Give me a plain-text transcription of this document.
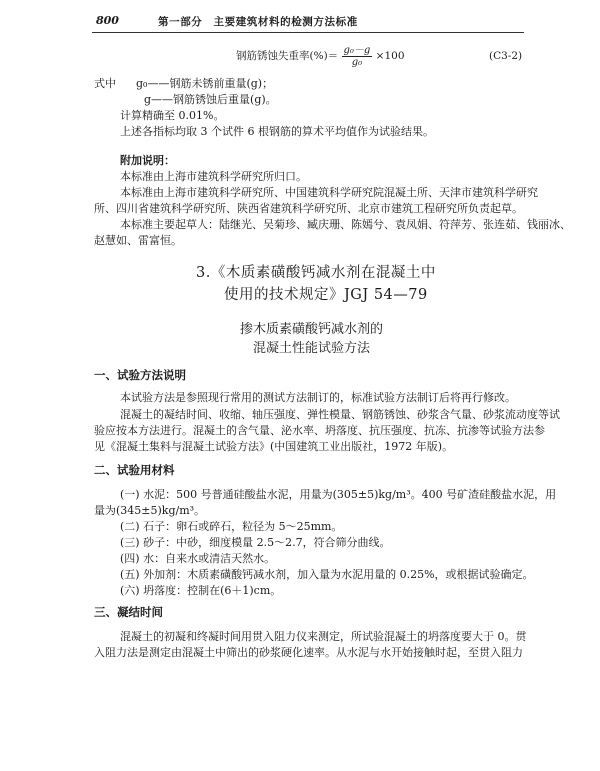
800	第一部分　主要建筑材料的检测方法标准
钢筋锈蚀失重率(%)＝ $\frac{\text{g₀－g}}{\text{g₀}} \times 100$	(C3-2)
式中 g₀——钢筋未锈前重量(g)；
g——钢筋锈蚀后重量(g)。
计算精确至 0.01%。
上述各指标均取 3 个试件 6 根钢筋的算术平均值作为试验结果。
附加说明：
本标准由上海市建筑科学研究所归口。
本标准由上海市建筑科学研究所、中国建筑科学研究院混凝土所、天津市建筑科学研究
所、四川省建筑科学研究所、陕西省建筑科学研究所、北京市建筑工程研究所负责起草。
本标准主要起草人：陆继光、吴菊珍、臧庆珊、陈嫣兮、袁凤娟、符萍芳、张连茹、钱丽冰、
赵慧如、雷富恒。
3.《木质素磺酸钙减水剂在混凝土中
使用的技术规定》JGJ 54—79
掺木质素磺酸钙减水剂的
混凝土性能试验方法
一、试验方法说明
本试验方法是参照现行常用的测试方法制订的，标准试验方法制订后将再行修改。
混凝土的凝结时间、收缩、轴压强度、弹性模量、钢筋锈蚀、砂浆含气量、砂浆流动度等试
验应按本方法进行。混凝土的含气量、泌水率、坍落度、抗压强度、抗冻、抗渗等试验方法参
见《混凝土集料与混凝土试验方法》(中国建筑工业出版社，1972 年版)。
二、试验用材料
(一) 水泥：500 号普通硅酸盐水泥，用量为(305±5)kg/m³。400 号矿渣硅酸盐水泥，用
量为(345±5)kg/m³。
(二) 石子：卵石或碎石，粒径为 5～25mm。
(三) 砂子：中砂，细度模量 2.5～2.7，符合筛分曲线。
(四) 水：自来水或清洁天然水。
(五) 外加剂：木质素磺酸钙减水剂，加入量为水泥用量的 0.25%，或根据试验确定。
(六) 坍落度：控制在(6＋1)cm。
三、凝结时间
混凝土的初凝和终凝时间用贯入阻力仪来测定，所试验混凝土的坍落度要大于 0。贯
入阻力法是测定由混凝土中筛出的砂浆硬化速率。从水泥与水开始接触时起，至贯入阻力
